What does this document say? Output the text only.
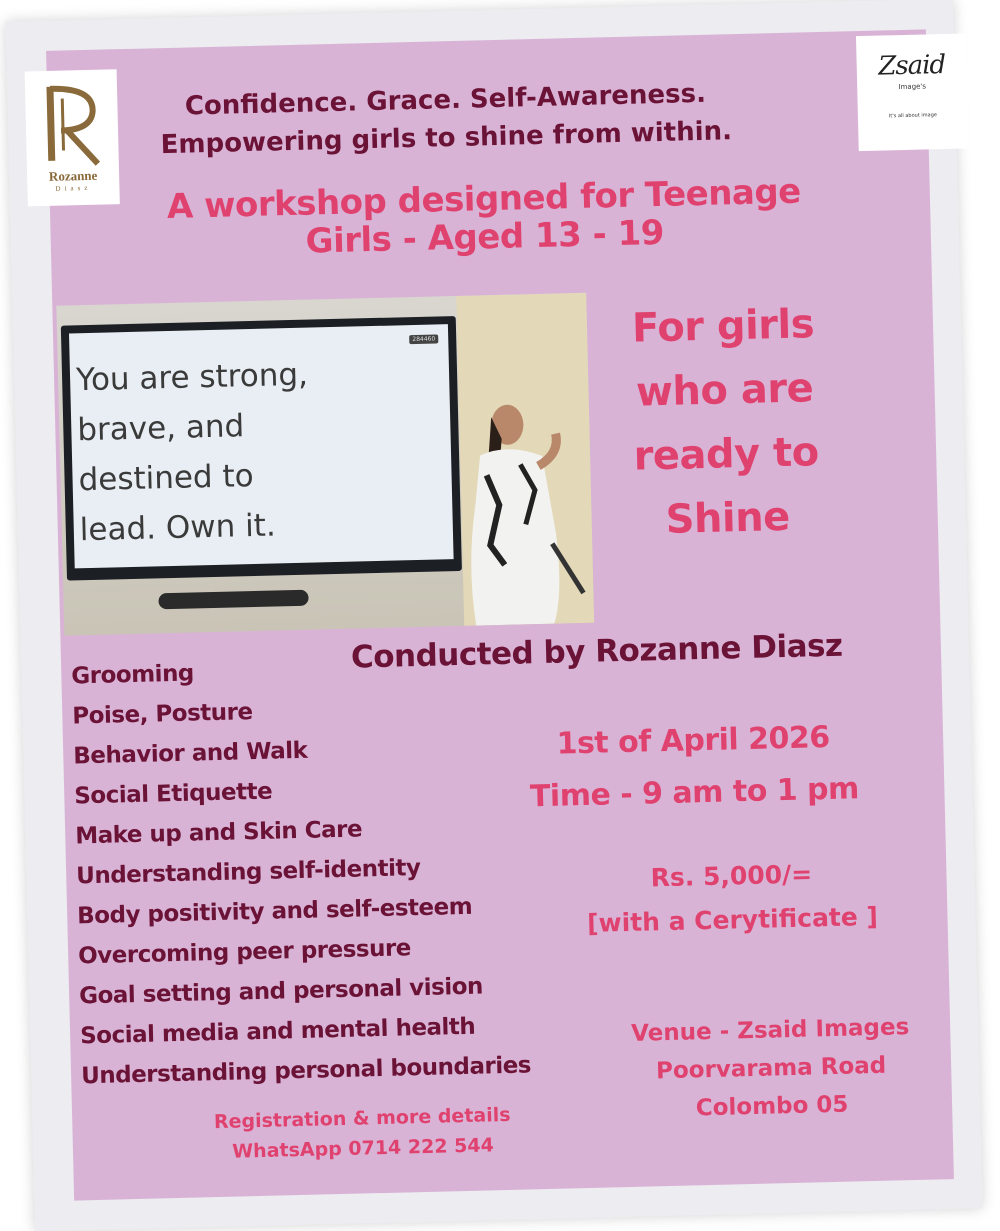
Rozanne
Diasz
Zsaid
Image's
It's all about image
Confidence. Grace. Self-Awareness.
Empowering girls to shine from within.
A workshop designed for Teenage
Girls - Aged 13 - 19
284460
You are strong,
brave, and
destined to
lead. Own it.
For girls
who are
ready to
Shine
Conducted by Rozanne Diasz
Grooming
Poise, Posture
Behavior and Walk
Social Etiquette
Make up and Skin Care
Understanding self-identity
Body positivity and self-esteem
Overcoming peer pressure
Goal setting and personal vision
Social media and mental health
Understanding personal boundaries
1st of April 2026
Time - 9 am to 1 pm
Rs. 5,000/=
[with a Cerytificate ]
Venue - Zsaid Images
Poorvarama Road
Colombo 05
Registration & more details
WhatsApp 0714 222 544
